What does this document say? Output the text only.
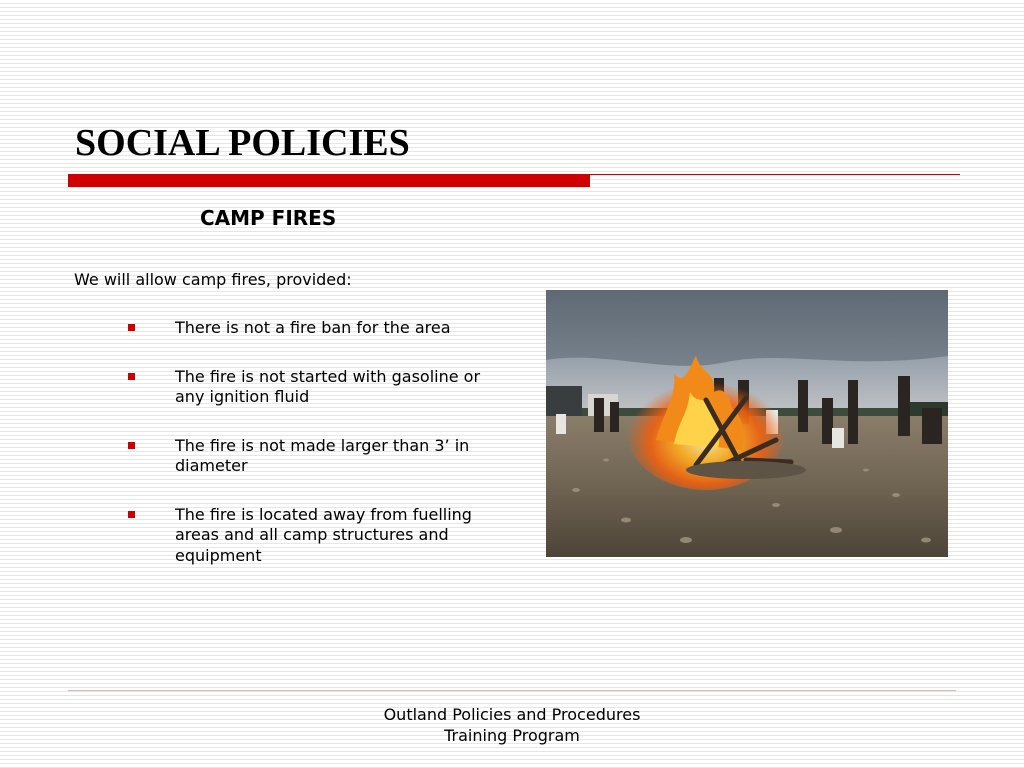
SOCIAL POLICIES
CAMP FIRES

We will allow camp fires, provided:

There is not a fire ban for the area
The fire is not started with gasoline or any ignition fluid
The fire is not made larger than 3’ in diameter
The fire is located away from fuelling areas and all camp structures and equipment
Outland Policies and Procedures
Training Program
